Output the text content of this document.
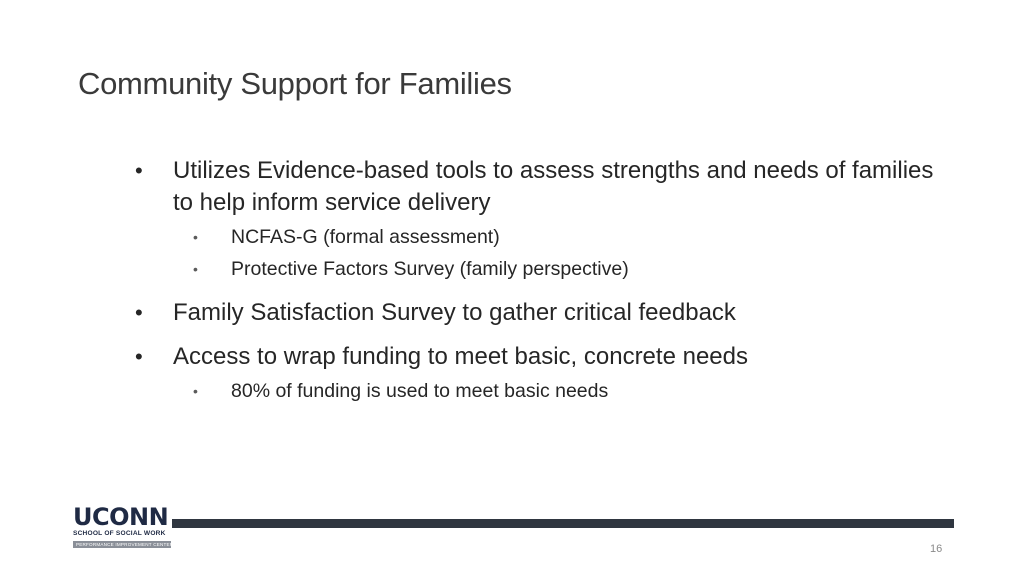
Community Support for Families
• Utilizes Evidence-based tools to assess strengths and needs of families to help inform service delivery
• NCFAS-G (formal assessment)
• Protective Factors Survey (family perspective)
• Family Satisfaction Survey to gather critical feedback
• Access to wrap funding to meet basic, concrete needs
• 80% of funding is used to meet basic needs
UCONN
SCHOOL OF SOCIAL WORK
PERFORMANCE IMPROVEMENT CENTER	16
